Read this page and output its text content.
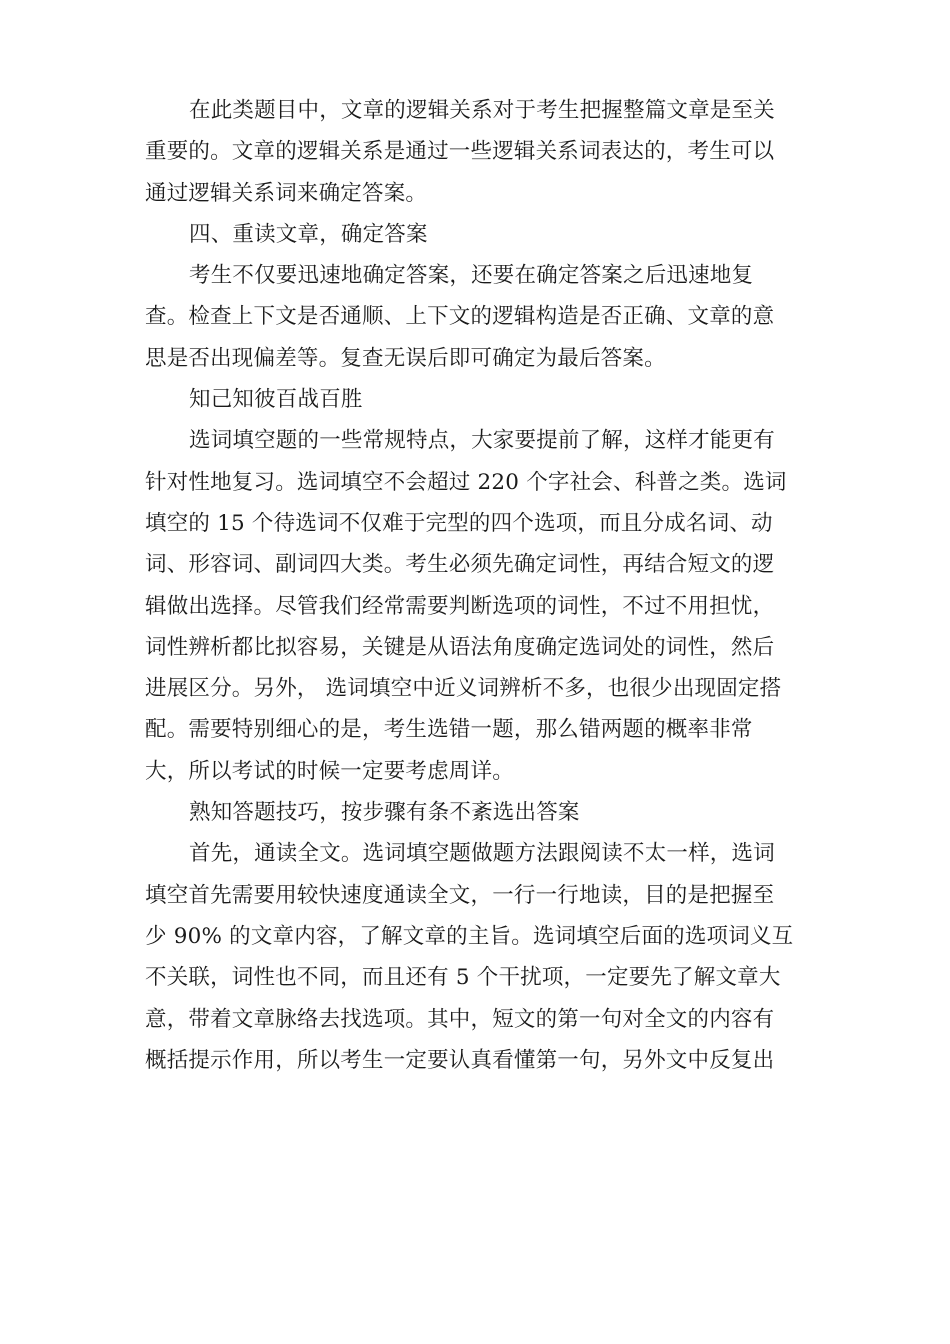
在此类题目中，文章的逻辑关系对于考生把握整篇文章是至关
重要的。文章的逻辑关系是通过一些逻辑关系词表达的，考生可以
通过逻辑关系词来确定答案。
四、重读文章，确定答案
考生不仅要迅速地确定答案，还要在确定答案之后迅速地复
查。检查上下文是否通顺、上下文的逻辑构造是否正确、文章的意
思是否出现偏差等。复查无误后即可确定为最后答案。
知己知彼百战百胜
选词填空题的一些常规特点，大家要提前了解，这样才能更有
针对性地复习。选词填空不会超过 220 个字社会、科普之类。选词
填空的 15 个待选词不仅难于完型的四个选项，而且分成名词、动
词、形容词、副词四大类。考生必须先确定词性，再结合短文的逻
辑做出选择。尽管我们经常需要判断选项的词性，不过不用担忧，
词性辨析都比拟容易，关键是从语法角度确定选词处的词性，然后
进展区分。另外， 选词填空中近义词辨析不多，也很少出现固定搭
配。需要特别细心的是，考生选错一题，那么错两题的概率非常
大，所以考试的时候一定要考虑周详。
熟知答题技巧，按步骤有条不紊选出答案
首先，通读全文。选词填空题做题方法跟阅读不太一样，选词
填空首先需要用较快速度通读全文，一行一行地读，目的是把握至
少 90% 的文章内容，了解文章的主旨。选词填空后面的选项词义互
不关联，词性也不同，而且还有 5 个干扰项，一定要先了解文章大
意，带着文章脉络去找选项。其中，短文的第一句对全文的内容有
概括提示作用，所以考生一定要认真看懂第一句，另外文中反复出
